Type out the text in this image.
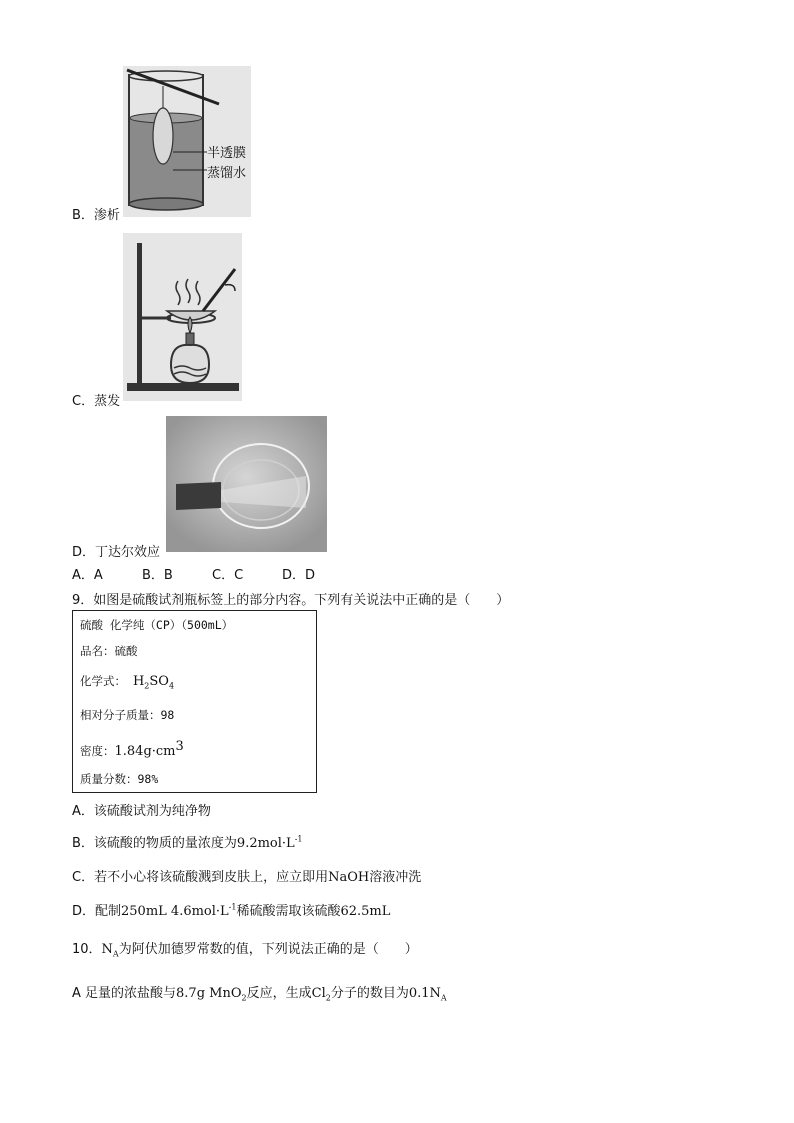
半透膜
蒸馏水
B．渗析
C．蒸发
D．丁达尔效应
A．A	B．B	C．C	D．D
9．如图是硫酸试剂瓶标签上的部分内容。下列有关说法中正确的是（　　）
硫酸 化学纯（CP）（500mL）
品名：硫酸
化学式： $H_2SO_4$
相对分子质量：98
密度：$1.84g\cdot cm^3$
质量分数：98%
A．该硫酸试剂为纯净物
B．该硫酸的物质的量浓度为$9.2mol\cdot L^{-1}$
C．若不小心将该硫酸溅到皮肤上，应立即用NaOH溶液冲洗
D．配制250mL $4.6mol\cdot L^{-1}$稀硫酸需取该硫酸62.5mL
10．$N_A$为阿伏加德罗常数的值，下列说法正确的是（　　）
A 足量的浓盐酸与8.7g MnO$_2$反应，生成$Cl_2$分子的数目为$0.1N_A$
